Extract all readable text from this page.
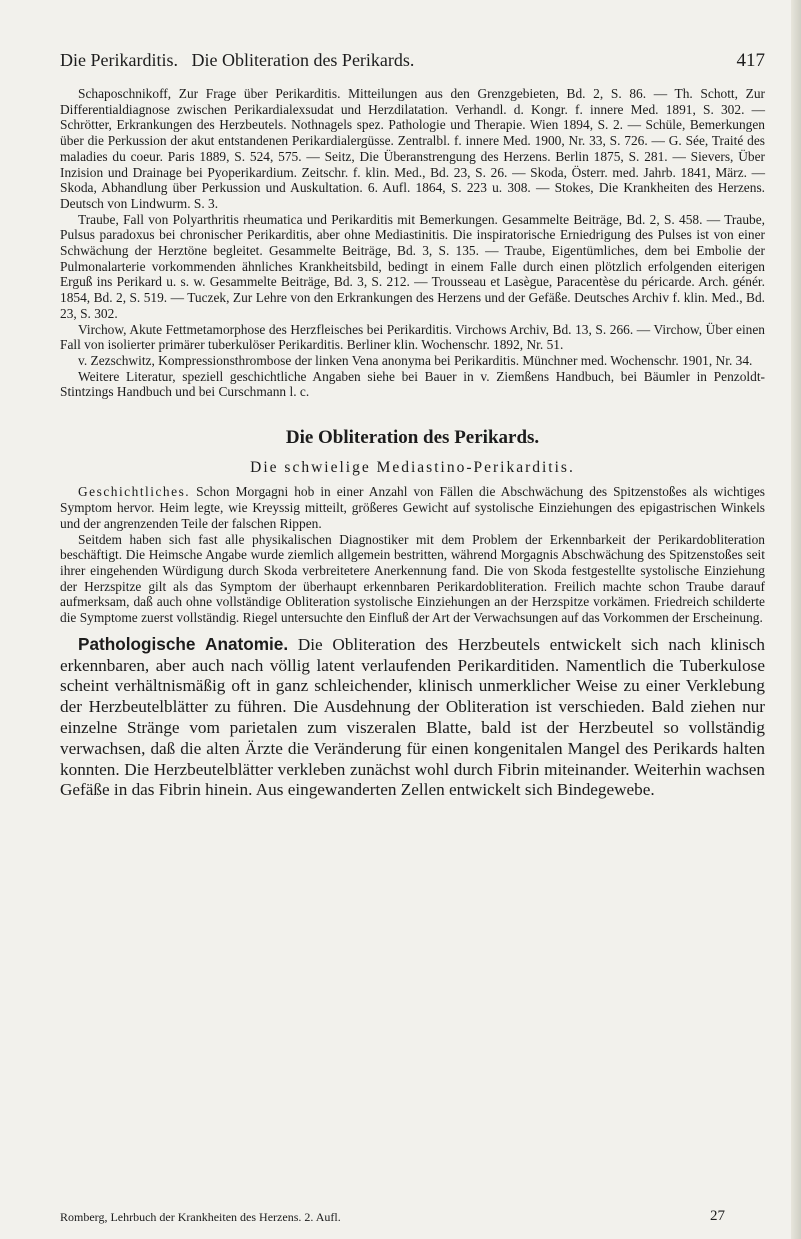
Die Perikarditis.   Die Obliteration des Perikards.	417

Schaposchnikoff, Zur Frage über Perikarditis. Mitteilungen aus den Grenzgebieten, Bd. 2, S. 86. — Th. Schott, Zur Differentialdiagnose zwischen Perikardialexsudat und Herzdilatation. Verhandl. d. Kongr. f. innere Med. 1891, S. 302. — Schrötter, Erkrankungen des Herzbeutels. Nothnagels spez. Pathologie und Therapie. Wien 1894, S. 2. — Schüle, Bemerkungen über die Perkussion der akut entstandenen Perikardialergüsse. Zentralbl. f. innere Med. 1900, Nr. 33, S. 726. — G. Sée, Traité des maladies du coeur. Paris 1889, S. 524, 575. — Seitz, Die Überanstrengung des Herzens. Berlin 1875, S. 281. — Sievers, Über Inzision und Drainage bei Pyoperikardium. Zeitschr. f. klin. Med., Bd. 23, S. 26. — Skoda, Österr. med. Jahrb. 1841, März. — Skoda, Abhandlung über Perkussion und Auskultation. 6. Aufl. 1864, S. 223 u. 308. — Stokes, Die Krankheiten des Herzens. Deutsch von Lindwurm. S. 3.

Traube, Fall von Polyarthritis rheumatica und Perikarditis mit Bemerkungen. Gesammelte Beiträge, Bd. 2, S. 458. — Traube, Pulsus paradoxus bei chronischer Perikarditis, aber ohne Mediastinitis. Die inspiratorische Erniedrigung des Pulses ist von einer Schwächung der Herztöne begleitet. Gesammelte Beiträge, Bd. 3, S. 135. — Traube, Eigentümliches, dem bei Embolie der Pulmonalarterie vorkommenden ähnliches Krankheitsbild, bedingt in einem Falle durch einen plötzlich erfolgenden eiterigen Erguß ins Perikard u. s. w. Gesammelte Beiträge, Bd. 3, S. 212. — Trousseau et Lasègue, Paracentèse du péricarde. Arch. génér. 1854, Bd. 2, S. 519. — Tuczek, Zur Lehre von den Erkrankungen des Herzens und der Gefäße. Deutsches Archiv f. klin. Med., Bd. 23, S. 302.

Virchow, Akute Fettmetamorphose des Herzfleisches bei Perikarditis. Virchows Archiv, Bd. 13, S. 266. — Virchow, Über einen Fall von isolierter primärer tuberkulöser Perikarditis. Berliner klin. Wochenschr. 1892, Nr. 51.

v. Zezschwitz, Kompressionsthrombose der linken Vena anonyma bei Perikarditis. Münchner med. Wochenschr. 1901, Nr. 34.

Weitere Literatur, speziell geschichtliche Angaben siehe bei Bauer in v. Ziemßens Handbuch, bei Bäumler in Penzoldt-Stintzings Handbuch und bei Curschmann l. c.

Die Obliteration des Perikards.
Die schwielige Mediastino-Perikarditis.

Geschichtliches. Schon Morgagni hob in einer Anzahl von Fällen die Abschwächung des Spitzenstoßes als wichtiges Symptom hervor. Heim legte, wie Kreyssig mitteilt, größeres Gewicht auf systolische Einziehungen des epigastrischen Winkels und der angrenzenden Teile der falschen Rippen.

Seitdem haben sich fast alle physikalischen Diagnostiker mit dem Problem der Erkennbarkeit der Perikardobliteration beschäftigt. Die Heimsche Angabe wurde ziemlich allgemein bestritten, während Morgagnis Abschwächung des Spitzenstoßes seit ihrer eingehenden Würdigung durch Skoda verbreitetere Anerkennung fand. Die von Skoda festgestellte systolische Einziehung der Herzspitze gilt als das Symptom der überhaupt erkennbaren Perikardobliteration. Freilich machte schon Traube darauf aufmerksam, daß auch ohne vollständige Obliteration systolische Einziehungen an der Herzspitze vorkämen. Friedreich schilderte die Symptome zuerst vollständig. Riegel untersuchte den Einfluß der Art der Verwachsungen auf das Vorkommen der Erscheinung.

Pathologische Anatomie. Die Obliteration des Herzbeutels entwickelt sich nach klinisch erkennbaren, aber auch nach völlig latent verlaufenden Perikarditiden. Namentlich die Tuberkulose scheint verhältnismäßig oft in ganz schleichender, klinisch unmerklicher Weise zu einer Verklebung der Herzbeutelblätter zu führen. Die Ausdehnung der Obliteration ist verschieden. Bald ziehen nur einzelne Stränge vom parietalen zum viszeralen Blatte, bald ist der Herzbeutel so vollständig verwachsen, daß die alten Ärzte die Veränderung für einen kongenitalen Mangel des Perikards halten konnten. Die Herzbeutelblätter verkleben zunächst wohl durch Fibrin miteinander. Weiterhin wachsen Gefäße in das Fibrin hinein. Aus eingewanderten Zellen entwickelt sich Bindegewebe.

Romberg, Lehrbuch der Krankheiten des Herzens. 2. Aufl.	27
